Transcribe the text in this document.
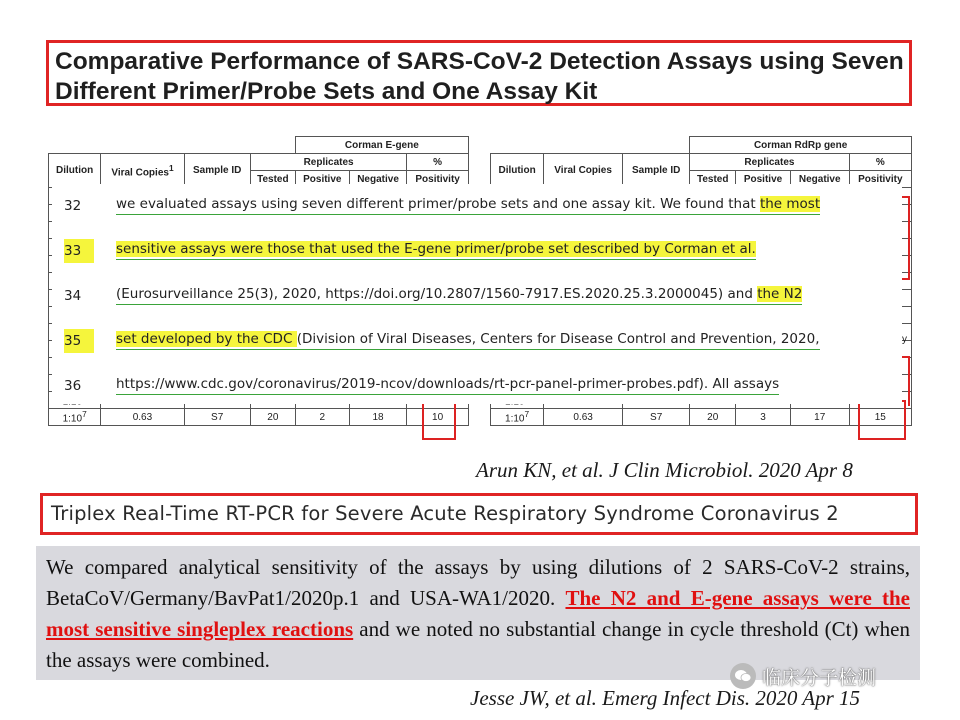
Comparative Performance of SARS-CoV-2 Detection Assays using Seven
Different Primer/Probe Sets and One Assay Kit
				Corman E-gene			
Dilution	Viral Copies$^1$	Sample ID	Replicates			%	
			Tested	Positive	Negative	Positivity	

$1:10^7$	0.63	S7	20	2	18	10	
			Corman RdRp gene			
Dilution	Viral Copies	Sample ID	Replicates			%
			Tested	Positive	Negative	Positivity

$1:10^7$	0.63	S7	20	3	17	15
32	we evaluated assays using seven different primer/probe sets and one assay kit. We found that the most
33	sensitive assays were those that used the E-gene primer/probe set described by Corman et al.
34	(Eurosurveillance 25(3), 2020, https://doi.org/10.2807/1560-7917.ES.2020.25.3.2000045) and the N2
35	set developed by the CDC (Division of Viral Diseases, Centers for Disease Control and Prevention, 2020,
36	https://www.cdc.gov/coronavirus/2019-ncov/downloads/rt-pcr-panel-primer-probes.pdf). All assays
y
Arun KN, et al. J Clin Microbiol. 2020 Apr 8
Triplex Real-Time RT-PCR for Severe Acute Respiratory Syndrome Coronavirus 2

We compared analytical sensitivity of the assays by using dilutions of 2 SARS-CoV-2 strains, BetaCoV/Germany/BavPat1/2020p.1 and USA-WA1/2020. The N2 and E-gene assays were the most sensitive singleplex reactions and we noted no substantial change in cycle threshold (Ct) when the assays were combined.

临床分子检测
Jesse JW, et al. Emerg Infect Dis. 2020 Apr 15
